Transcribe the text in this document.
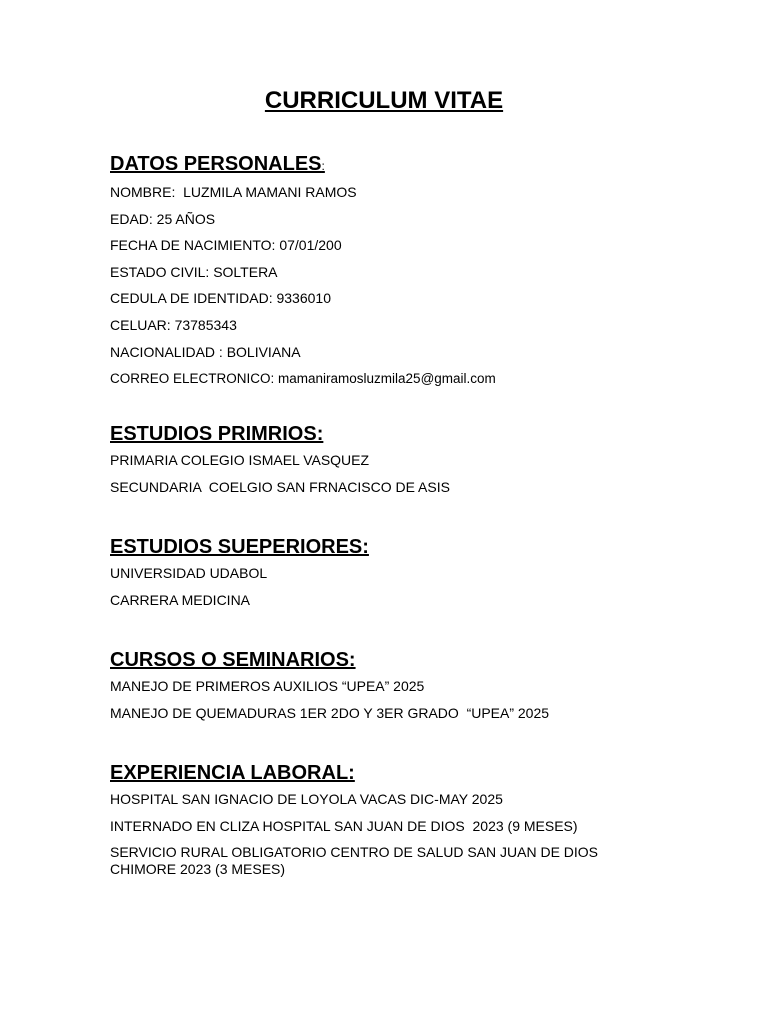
CURRICULUM VITAE
DATOS PERSONALES:
NOMBRE:  LUZMILA MAMANI RAMOS
EDAD: 25 AÑOS
FECHA DE NACIMIENTO: 07/01/200
ESTADO CIVIL: SOLTERA
CEDULA DE IDENTIDAD: 9336010
CELUAR: 73785343
NACIONALIDAD : BOLIVIANA
CORREO ELECTRONICO: mamaniramosluzmila25@gmail.com
ESTUDIOS PRIMRIOS:
PRIMARIA COLEGIO ISMAEL VASQUEZ
SECUNDARIA  COELGIO SAN FRNACISCO DE ASIS
ESTUDIOS SUEPERIORES:
UNIVERSIDAD UDABOL
CARRERA MEDICINA
CURSOS O SEMINARIOS:
MANEJO DE PRIMEROS AUXILIOS “UPEA” 2025
MANEJO DE QUEMADURAS 1ER 2DO Y 3ER GRADO  “UPEA” 2025
EXPERIENCIA LABORAL:
HOSPITAL SAN IGNACIO DE LOYOLA VACAS DIC-MAY 2025
INTERNADO EN CLIZA HOSPITAL SAN JUAN DE DIOS  2023 (9 MESES)
SERVICIO RURAL OBLIGATORIO CENTRO DE SALUD SAN JUAN DE DIOS
CHIMORE 2023 (3 MESES)
